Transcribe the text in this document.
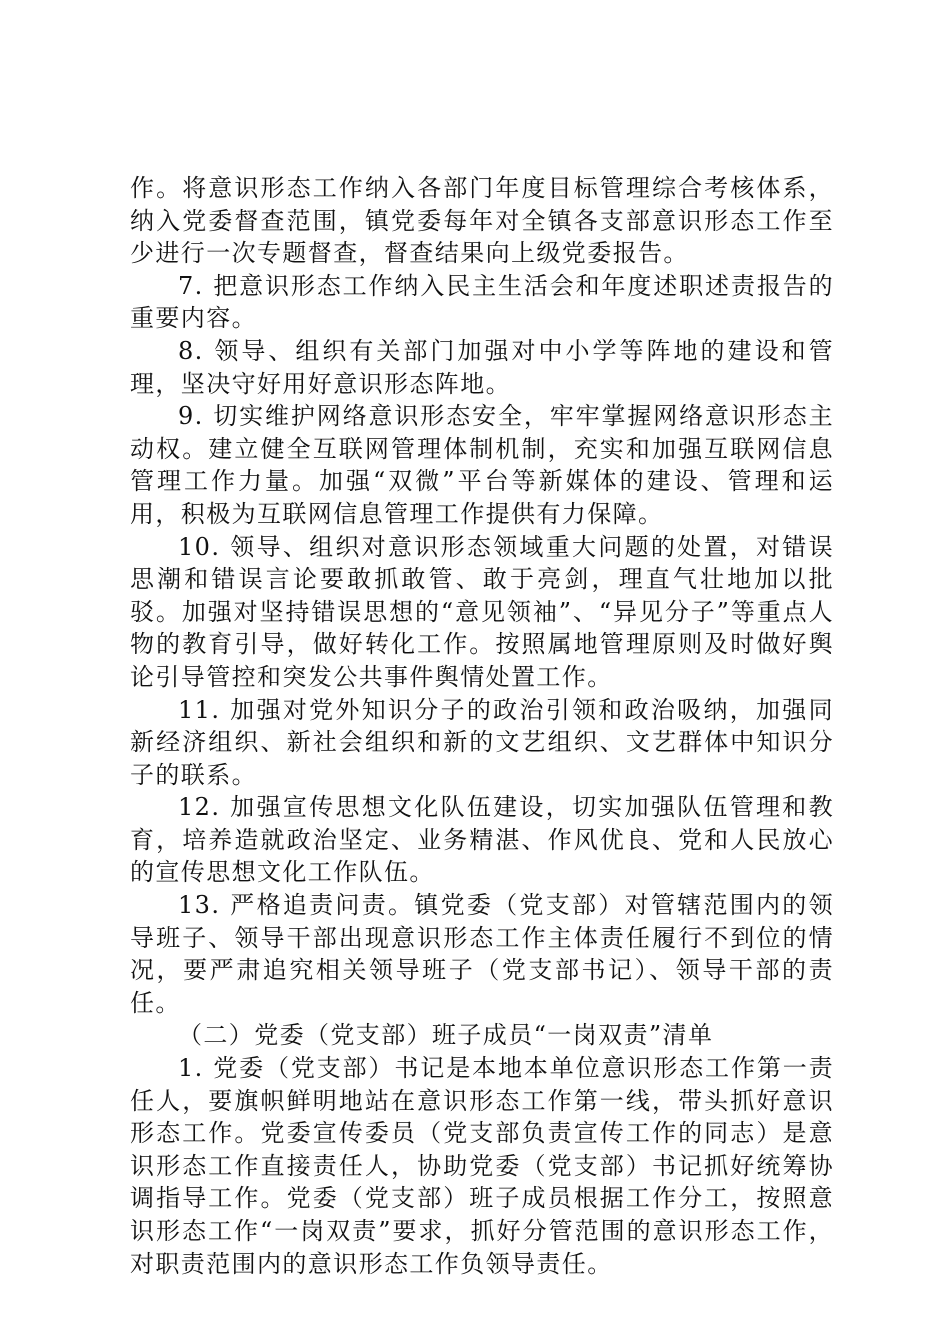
作。将意识形态工作纳入各部门年度目标管理综合考核体系，纳入党委督查范围，镇党委每年对全镇各支部意识形态工作至少进行一次专题督查，督查结果向上级党委报告。

7. 把意识形态工作纳入民主生活会和年度述职述责报告的重要内容。

8. 领导、组织有关部门加强对中小学等阵地的建设和管理，坚决守好用好意识形态阵地。

9. 切实维护网络意识形态安全，牢牢掌握网络意识形态主动权。建立健全互联网管理体制机制，充实和加强互联网信息管理工作力量。加强“双微”平台等新媒体的建设、管理和运用，积极为互联网信息管理工作提供有力保障。

10. 领导、组织对意识形态领域重大问题的处置，对错误思潮和错误言论要敢抓敢管、敢于亮剑，理直气壮地加以批驳。加强对坚持错误思想的“意见领袖”、“异见分子”等重点人物的教育引导，做好转化工作。按照属地管理原则及时做好舆论引导管控和突发公共事件舆情处置工作。

11. 加强对党外知识分子的政治引领和政治吸纳，加强同新经济组织、新社会组织和新的文艺组织、文艺群体中知识分子的联系。

12. 加强宣传思想文化队伍建设，切实加强队伍管理和教育，培养造就政治坚定、业务精湛、作风优良、党和人民放心的宣传思想文化工作队伍。

13. 严格追责问责。镇党委（党支部）对管辖范围内的领导班子、领导干部出现意识形态工作主体责任履行不到位的情况，要严肃追究相关领导班子（党支部书记）、领导干部的责任。

（二）党委（党支部）班子成员“一岗双责”清单

1. 党委（党支部）书记是本地本单位意识形态工作第一责任人，要旗帜鲜明地站在意识形态工作第一线，带头抓好意识形态工作。党委宣传委员（党支部负责宣传工作的同志）是意识形态工作直接责任人，协助党委（党支部）书记抓好统筹协调指导工作。党委（党支部）班子成员根据工作分工，按照意识形态工作“一岗双责”要求，抓好分管范围的意识形态工作，对职责范围内的意识形态工作负领导责任。
